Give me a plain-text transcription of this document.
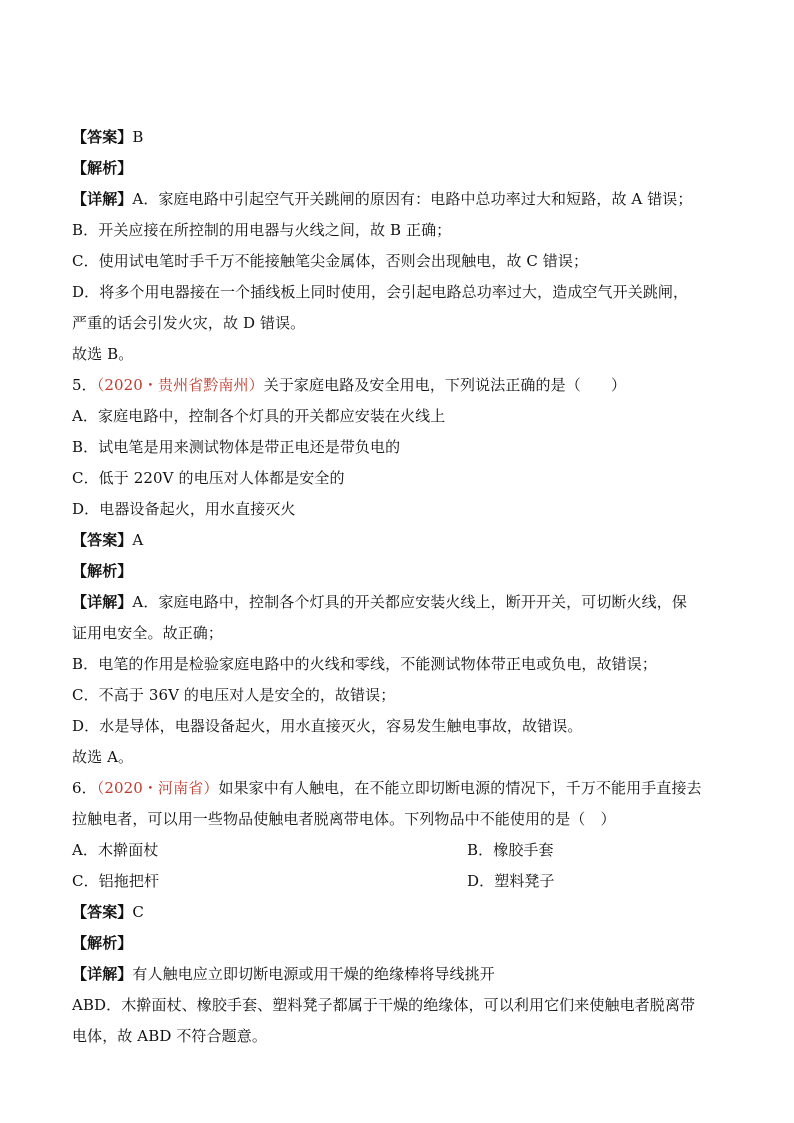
【答案】B
【解析】
【详解】A．家庭电路中引起空气开关跳闸的原因有：电路中总功率过大和短路，故 A 错误；
B．开关应接在所控制的用电器与火线之间，故 B 正确；
C．使用试电笔时手千万不能接触笔尖金属体，否则会出现触电，故 C 错误；
D．将多个用电器接在一个插线板上同时使用，会引起电路总功率过大，造成空气开关跳闸，
严重的话会引发火灾，故 D 错误。
故选 B。
5．（2020・贵州省黔南州）关于家庭电路及安全用电，下列说法正确的是（　　）
A．家庭电路中，控制各个灯具的开关都应安装在火线上
B．试电笔是用来测试物体是带正电还是带负电的
C．低于 220V 的电压对人体都是安全的
D．电器设备起火，用水直接灭火
【答案】A
【解析】
【详解】A．家庭电路中，控制各个灯具的开关都应安装火线上，断开开关，可切断火线，保
证用电安全。故正确；
B．电笔的作用是检验家庭电路中的火线和零线，不能测试物体带正电或负电，故错误；
C．不高于 36V 的电压对人是安全的，故错误；
D．水是导体，电器设备起火，用水直接灭火，容易发生触电事故，故错误。
故选 A。
6．（2020・河南省）如果家中有人触电，在不能立即切断电源的情况下，千万不能用手直接去
拉触电者，可以用一些物品使触电者脱离带电体。下列物品中不能使用的是（　）
A．木擀面杖	B．橡胶手套
C．铝拖把杆	D．塑料凳子
【答案】C
【解析】
【详解】有人触电应立即切断电源或用干燥的绝缘棒将导线挑开
ABD．木擀面杖、橡胶手套、塑料凳子都属于干燥的绝缘体，可以利用它们来使触电者脱离带
电体，故 ABD 不符合题意。
